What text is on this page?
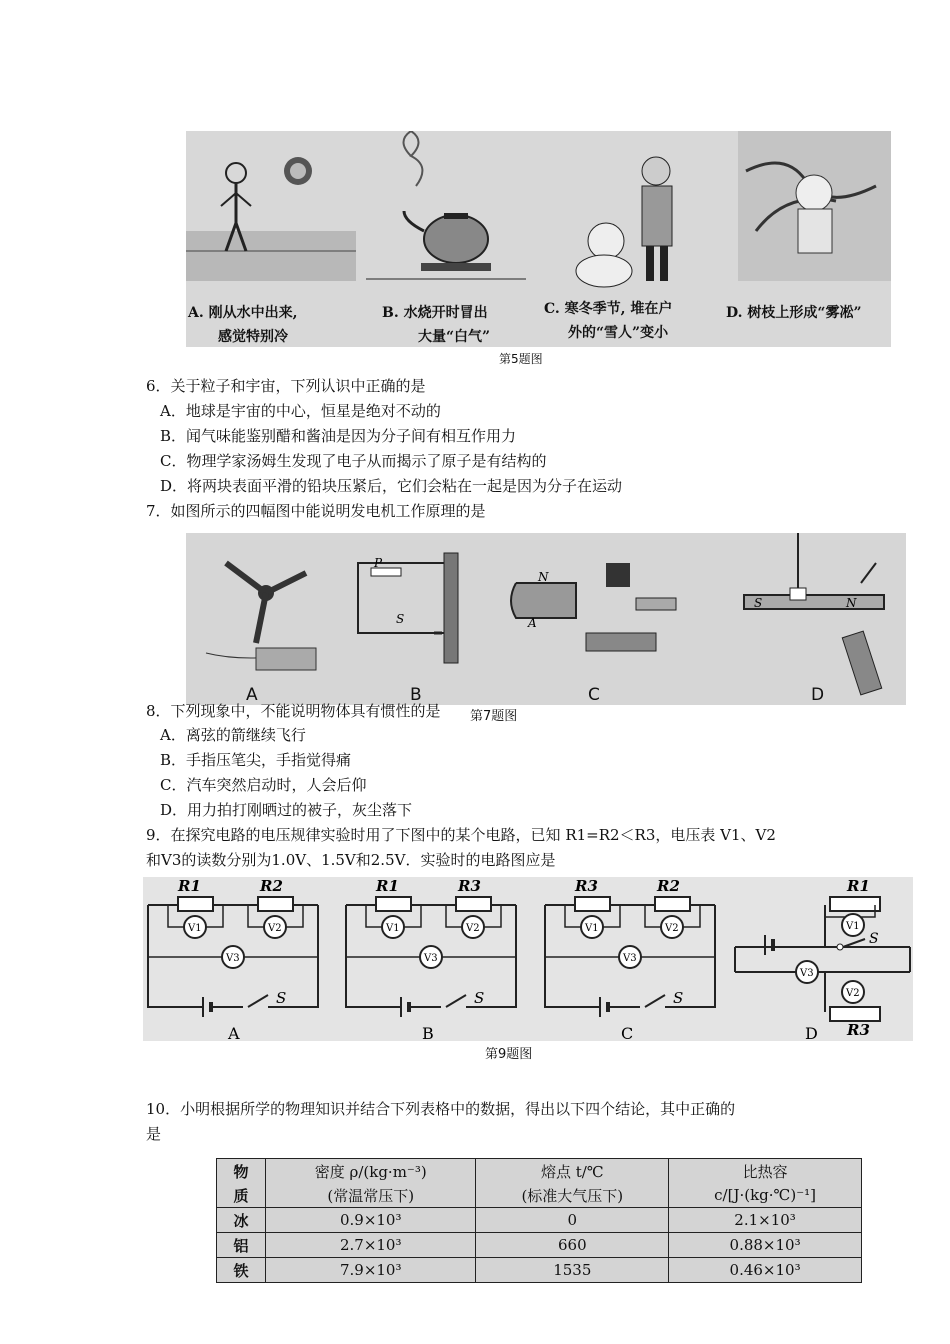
A. 刚从水中出来,
感觉特别冷
B. 水烧开时冒出
大量“白气”
C. 寒冬季节, 堆在户
外的“雪人”变小
D. 树枝上形成“雾凇”
第5题图
6．关于粒子和宇宙，下列认识中正确的是
A．地球是宇宙的中心，恒星是绝对不动的
B．闻气味能鉴别醋和酱油是因为分子间有相互作用力
C．物理学家汤姆生发现了电子从而揭示了原子是有结构的
D．将两块表面平滑的铅块压紧后，它们会粘在一起是因为分子在运动
7．如图所示的四幅图中能说明发电机工作原理的是
P
S
N
A
S	N
A	B	C	D
8．下列现象中，不能说明物体具有惯性的是 第7题图
A．离弦的箭继续飞行
B．手指压笔尖，手指觉得痛
C．汽车突然启动时，人会后仰
D．用力拍打刚晒过的被子，灰尘落下
9．在探究电路的电压规律实验时用了下图中的某个电路，已知 R1=R2＜R3，电压表 V1、V2
和V3的读数分别为1.0V、1.5V和2.5V．实验时的电路图应是
R1	R2
V1	V2
V3
S
A
R1	R3
V1	V2
V3
S
B
R3	R2
V1	V2
V3
S
C
R1
V1
S
V3
V2
R3
D
第9题图
10．小明根据所学的物理知识并结合下列表格中的数据，得出以下四个结论，其中正确的
是
物	密度 ρ/(kg·m⁻³)	熔点 t/℃	比热容
质	(常温常压下)	(标准大气压下)	c/[J·(kg·℃)⁻¹]
冰	0.9×10³	0	2.1×10³
铝	2.7×10³	660	0.88×10³
铁	7.9×10³	1535	0.46×10³
